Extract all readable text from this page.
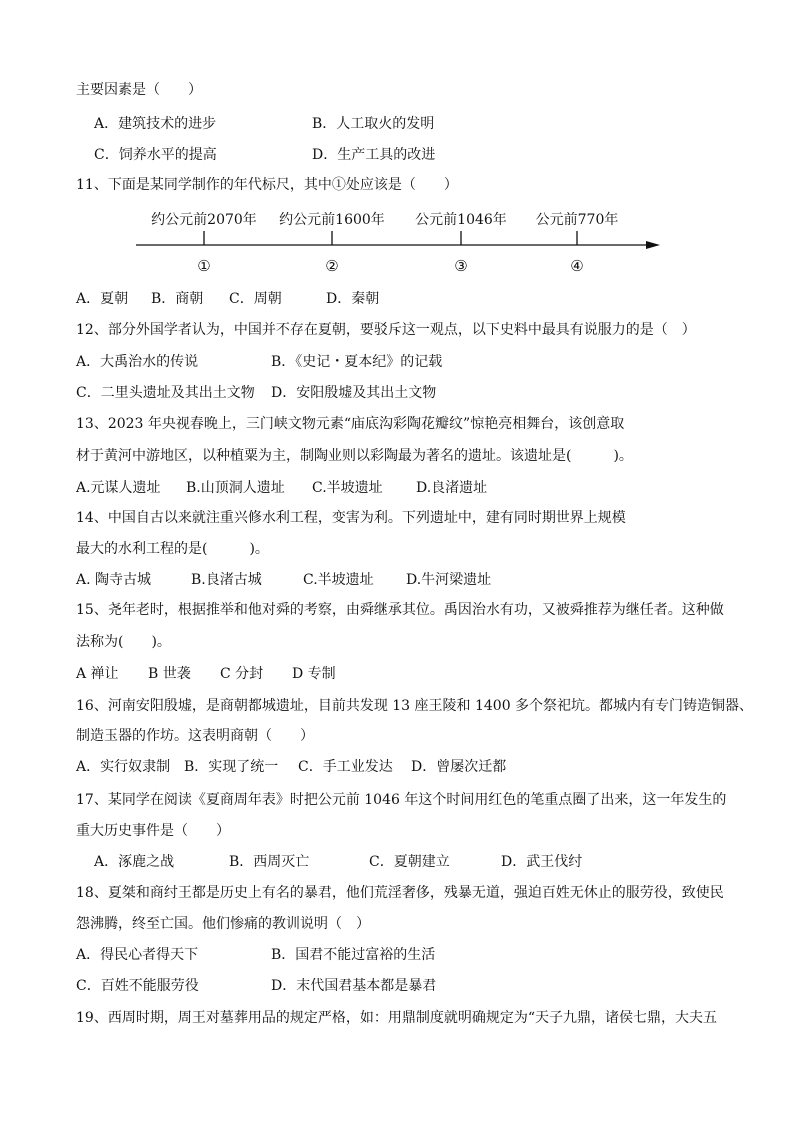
主要因素是（　　）
A．建筑技术的进步	B．人工取火的发明
C．饲养水平的提高	D．生产工具的改进
11、下面是某同学制作的年代标尺，其中①处应该是（　　）
约公元前2070年 约公元前1600年 公元前1046年 公元前770年
①	②	③	④
A．夏朝 B．商朝 C．周朝	D．秦朝
12、部分外国学者认为，中国并不存在夏朝，要驳斥这一观点，以下史料中最具有说服力的是（　）
A．大禹治水的传说	B．《史记・夏本纪》的记载
C．二里头遗址及其出土文物 D．安阳殷墟及其出土文物
13、2023 年央视春晚上，三门峡文物元素“庙底沟彩陶花瓣纹”惊艳亮相舞台，该创意取
材于黄河中游地区，以种植粟为主，制陶业则以彩陶最为著名的遗址。该遗址是(　　　)。
A.元谋人遗址 B.山顶洞人遗址 C.半坡遗址 D.良渚遗址
14、中国自古以来就注重兴修水利工程，变害为利。下列遗址中，建有同时期世界上规模
最大的水利工程的是(　　　)。
A. 陶寺古城	B.良渚古城	C.半坡遗址 D.牛河梁遗址
15、尧年老时，根据推举和他对舜的考察，由舜继承其位。禹因治水有功，又被舜推荐为继任者。这种做
法称为(　　)。
A 禅让 B 世袭 C 分封 D 专制
16、河南安阳殷墟，是商朝都城遗址，目前共发现 13 座王陵和 1400 多个祭祀坑。都城内有专门铸造铜器、
制造玉器的作坊。这表明商朝（　　）
A．实行奴隶制 B．实现了统一 C．手工业发达 D．曾屡次迁都
17、某同学在阅读《夏商周年表》时把公元前 1046 年这个时间用红色的笔重点圈了出来，这一年发生的
重大历史事件是（　　）
A．涿鹿之战	B．西周灭亡	C．夏朝建立	D．武王伐纣
18、夏桀和商纣王都是历史上有名的暴君，他们荒淫奢侈，残暴无道，强迫百姓无休止的服劳役，致使民
怨沸腾，终至亡国。他们惨痛的教训说明（　）
A．得民心者得天下	B．国君不能过富裕的生活
C．百姓不能服劳役	D．末代国君基本都是暴君
19、西周时期，周王对墓葬用品的规定严格，如：用鼎制度就明确规定为“天子九鼎，诸侯七鼎，大夫五
